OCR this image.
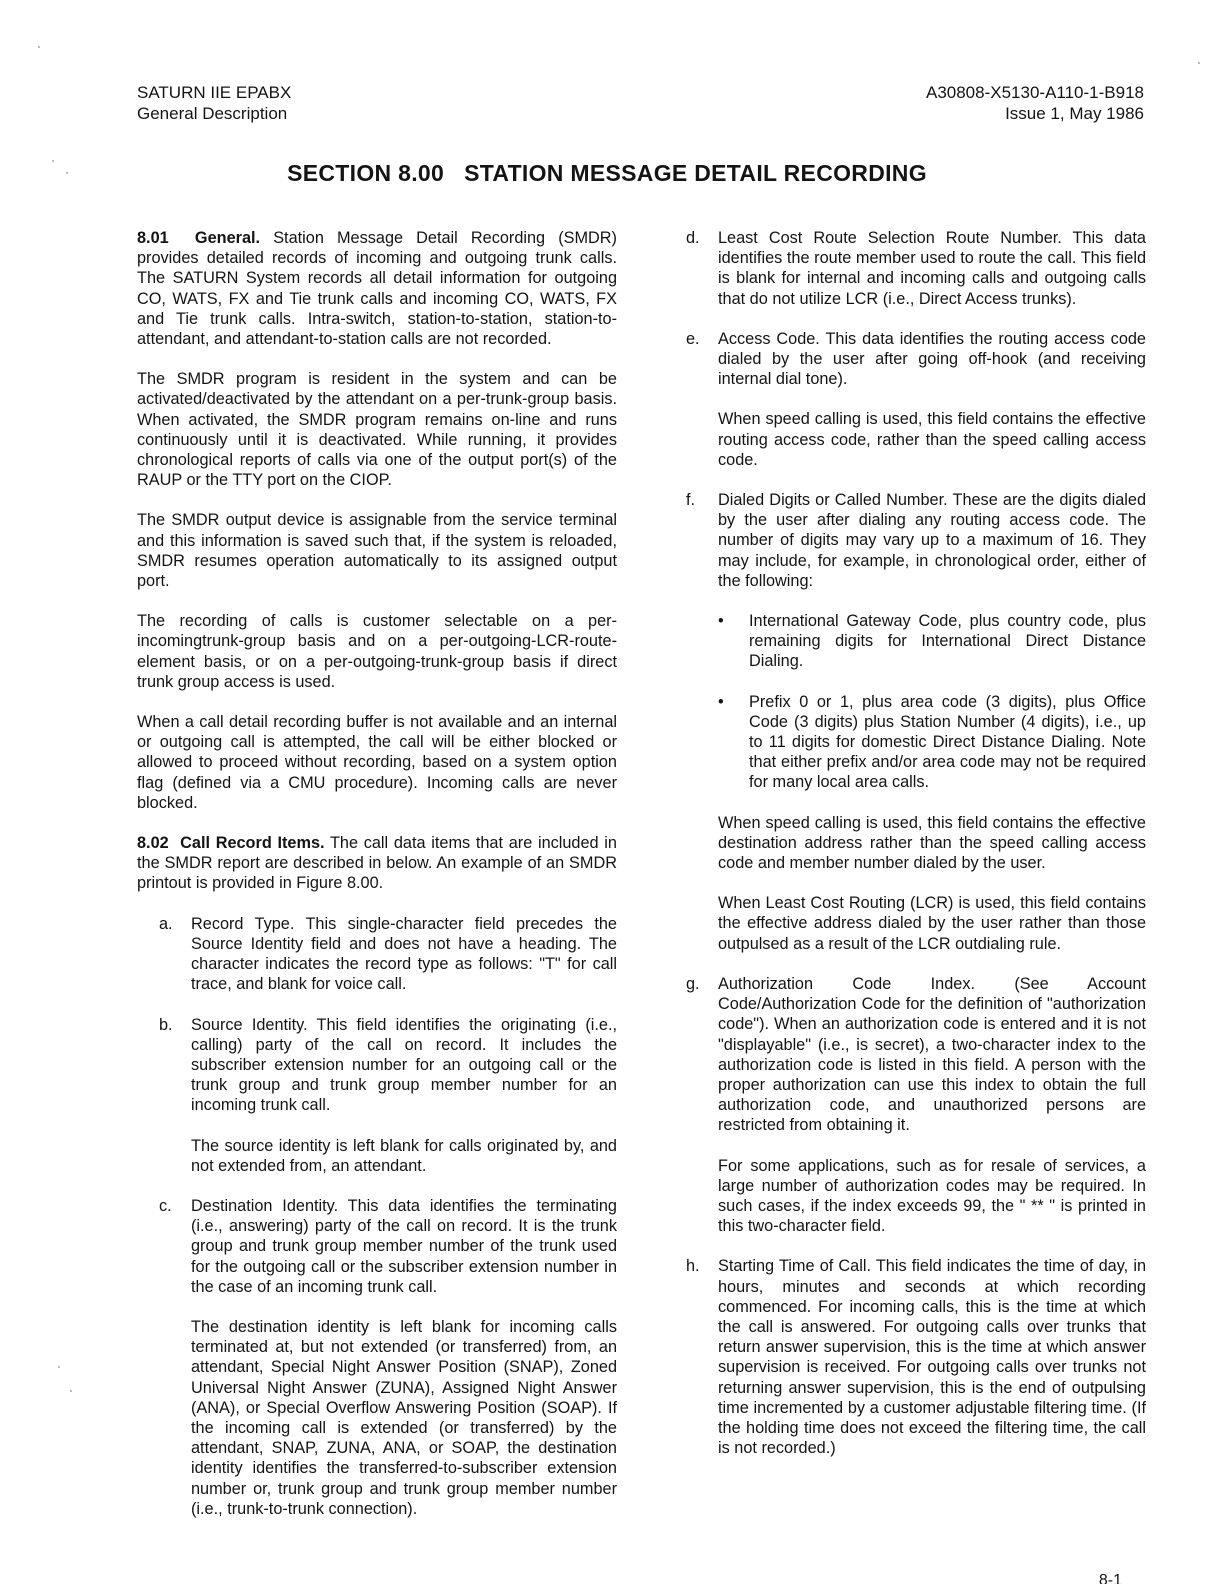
SATURN IIE EPABX
General Description
A30808-X5130-A110-1-B918
Issue 1, May 1986
SECTION 8.00 STATION MESSAGE DETAIL RECORDING

8.01 General. Station Message Detail Recording (SMDR) provides detailed records of incoming and outgoing trunk calls. The SATURN System records all detail information for outgoing CO, WATS, FX and Tie trunk calls and incoming CO, WATS, FX and Tie trunk calls. Intra-switch, station-to-station, station-to-attendant, and attendant-to-station calls are not recorded.

The SMDR program is resident in the system and can be activated/deactivated by the attendant on a per-trunk-group basis. When activated, the SMDR program remains on-line and runs continuously until it is deactivated. While running, it provides chronological reports of calls via one of the output port(s) of the RAUP or the TTY port on the CIOP.

The SMDR output device is assignable from the service terminal and this information is saved such that, if the system is reloaded, SMDR resumes operation automatically to its assigned output port.

The recording of calls is customer selectable on a per-incomingtrunk-group basis and on a per-outgoing-LCR-route-element basis, or on a per-outgoing-trunk-group basis if direct trunk group access is used.

When a call detail recording buffer is not available and an internal or outgoing call is attempted, the call will be either blocked or allowed to proceed without recording, based on a system option flag (defined via a CMU procedure). Incoming calls are never blocked.

8.02 Call Record Items. The call data items that are included in the SMDR report are described in below. An example of an SMDR printout is provided in Figure 8.00.

a. Record Type. This single-character field precedes the Source Identity field and does not have a heading. The character indicates the record type as follows: "T" for call trace, and blank for voice call.
b. Source Identity. This field identifies the originating (i.e., calling) party of the call on record. It includes the subscriber extension number for an outgoing call or the trunk group and trunk group member number for an incoming trunk call.

The source identity is left blank for calls originated by, and not extended from, an attendant.

c. Destination Identity. This data identifies the terminating (i.e., answering) party of the call on record. It is the trunk group and trunk group member number of the trunk used for the outgoing call or the subscriber extension number in the case of an incoming trunk call.

The destination identity is left blank for incoming calls terminated at, but not extended (or transferred) from, an attendant, Special Night Answer Position (SNAP), Zoned Universal Night Answer (ZUNA), Assigned Night Answer (ANA), or Special Overflow Answering Position (SOAP). If the incoming call is extended (or transferred) by the attendant, SNAP, ZUNA, ANA, or SOAP, the destination identity identifies the transferred-to-subscriber extension number or, trunk group and trunk group member number (i.e., trunk-to-trunk connection).

d. Least Cost Route Selection Route Number. This data identifies the route member used to route the call. This field is blank for internal and incoming calls and outgoing calls that do not utilize LCR (i.e., Direct Access trunks).
e. Access Code. This data identifies the routing access code dialed by the user after going off-hook (and receiving internal dial tone).

When speed calling is used, this field contains the effective routing access code, rather than the speed calling access code.

f. Dialed Digits or Called Number. These are the digits dialed by the user after dialing any routing access code. The number of digits may vary up to a maximum of 16. They may include, for example, in chronological order, either of the following:
• International Gateway Code, plus country code, plus remaining digits for International Direct Distance Dialing.
• Prefix 0 or 1, plus area code (3 digits), plus Office Code (3 digits) plus Station Number (4 digits), i.e., up to 11 digits for domestic Direct Distance Dialing. Note that either prefix and/or area code may not be required for many local area calls.

When speed calling is used, this field contains the effective destination address rather than the speed calling access code and member number dialed by the user.

When Least Cost Routing (LCR) is used, this field contains the effective address dialed by the user rather than those outpulsed as a result of the LCR outdialing rule.

g. Authorization Code Index. (See Account Code/Authorization Code for the definition of "authorization code"). When an authorization code is entered and it is not "displayable" (i.e., is secret), a two-character index to the authorization code is listed in this field. A person with the proper authorization can use this index to obtain the full authorization code, and unauthorized persons are restricted from obtaining it.

For some applications, such as for resale of services, a large number of authorization codes may be required. In such cases, if the index exceeds 99, the " ** " is printed in this two-character field.

h. Starting Time of Call. This field indicates the time of day, in hours, minutes and seconds at which recording commenced. For incoming calls, this is the time at which the call is answered. For outgoing calls over trunks that return answer supervision, this is the time at which answer supervision is received. For outgoing calls over trunks not returning answer supervision, this is the end of outpulsing time incremented by a customer adjustable filtering time. (If the holding time does not exceed the filtering time, the call is not recorded.)
8-1
